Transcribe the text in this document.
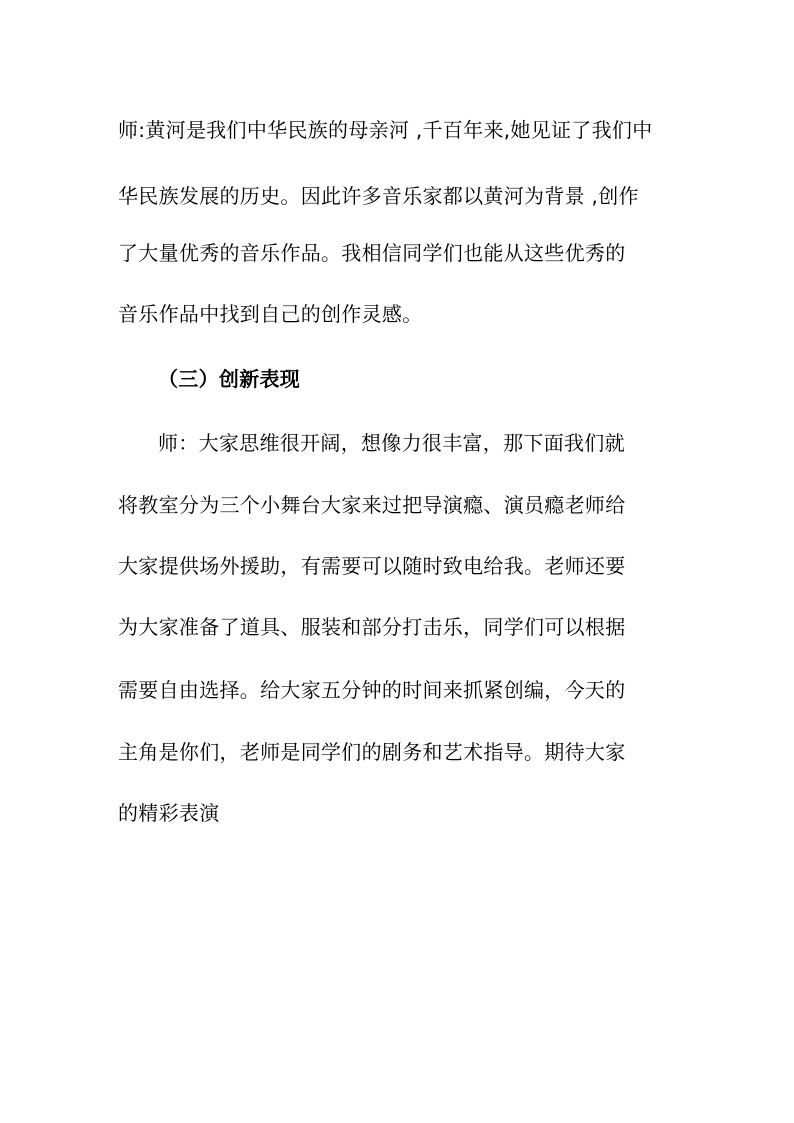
师:黄河是我们中华民族的母亲河 ,千百年来,她见证了我们中
华民族发展的历史。因此许多音乐家都以黄河为背景 ,创作
了大量优秀的音乐作品。我相信同学们也能从这些优秀的
音乐作品中找到自己的创作灵感。
（三）创新表现
师：大家思维很开阔，想像力很丰富，那下面我们就
将教室分为三个小舞台大家来过把导演瘾、演员瘾老师给
大家提供场外援助，有需要可以随时致电给我。老师还要
为大家准备了道具、服装和部分打击乐，同学们可以根据
需要自由选择。给大家五分钟的时间来抓紧创编，今天的
主角是你们，老师是同学们的剧务和艺术指导。期待大家
的精彩表演
